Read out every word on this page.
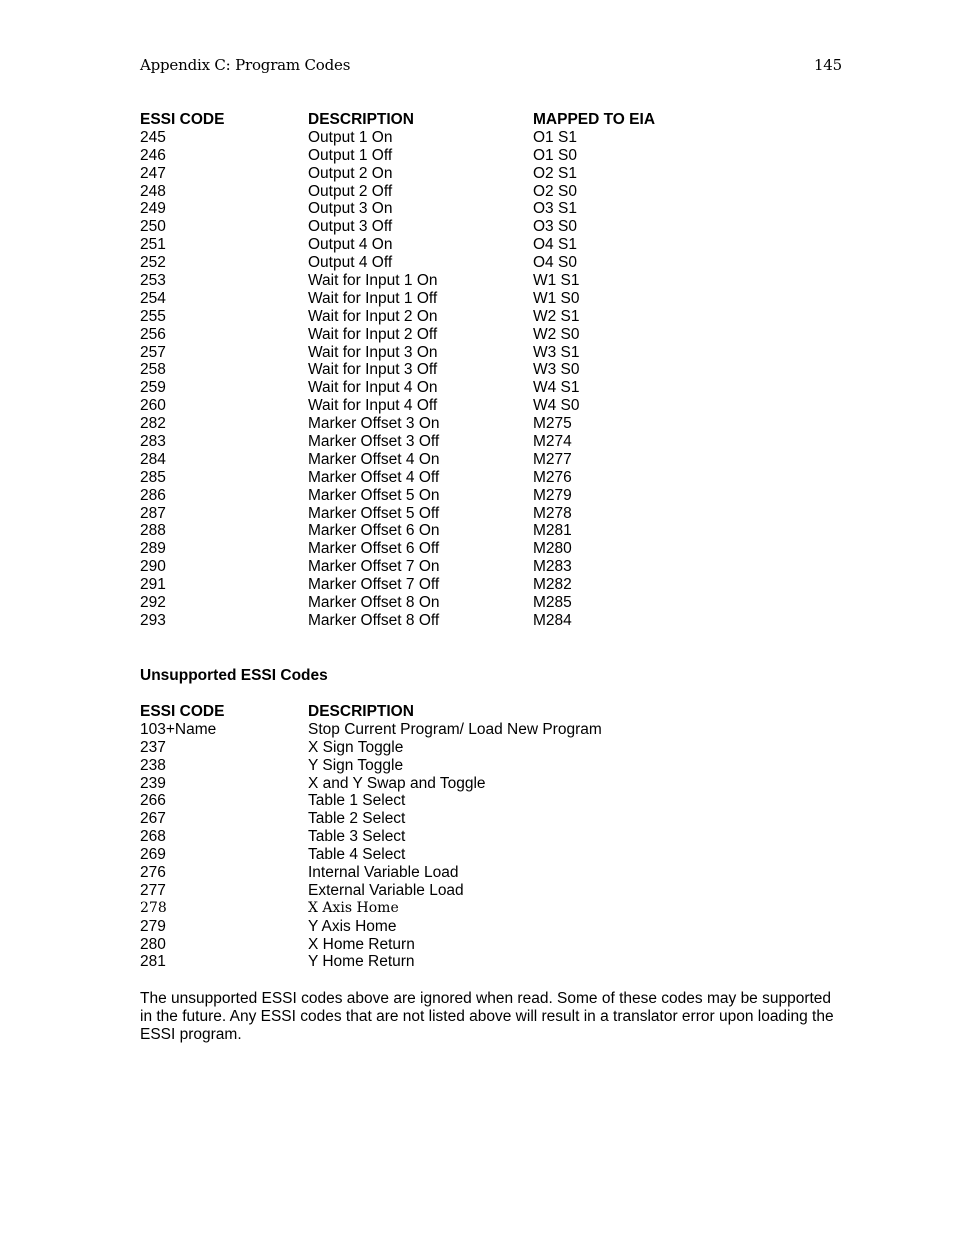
Appendix C: Program Codes	145
ESSI CODE	DESCRIPTION	MAPPED TO EIA
245	Output 1 On	O1 S1
246	Output 1 Off	O1 S0
247	Output 2 On	O2 S1
248	Output 2 Off	O2 S0
249	Output 3 On	O3 S1
250	Output 3 Off	O3 S0
251	Output 4 On	O4 S1
252	Output 4 Off	O4 S0
253	Wait for Input 1 On	W1 S1
254	Wait for Input 1 Off	W1 S0
255	Wait for Input 2 On	W2 S1
256	Wait for Input 2 Off	W2 S0
257	Wait for Input 3 On	W3 S1
258	Wait for Input 3 Off	W3 S0
259	Wait for Input 4 On	W4 S1
260	Wait for Input 4 Off	W4 S0
282	Marker Offset 3 On	M275
283	Marker Offset 3 Off	M274
284	Marker Offset 4 On	M277
285	Marker Offset 4 Off	M276
286	Marker Offset 5 On	M279
287	Marker Offset 5 Off	M278
288	Marker Offset 6 On	M281
289	Marker Offset 6 Off	M280
290	Marker Offset 7 On	M283
291	Marker Offset 7 Off	M282
292	Marker Offset 8 On	M285
293	Marker Offset 8 Off	M284
Unsupported ESSI Codes
ESSI CODE	DESCRIPTION
103+Name	Stop Current Program/ Load New Program
237	X Sign Toggle
238	Y Sign Toggle
239	X and Y Swap and Toggle
266	Table 1 Select
267	Table 2 Select
268	Table 3 Select
269	Table 4 Select
276	Internal Variable Load
277	External Variable Load
278	X Axis Home
279	Y Axis Home
280	X Home Return
281	Y Home Return

The unsupported ESSI codes above are ignored when read. Some of these codes may be supported in the future. Any ESSI codes that are not listed above will result in a translator error upon loading the ESSI program.
